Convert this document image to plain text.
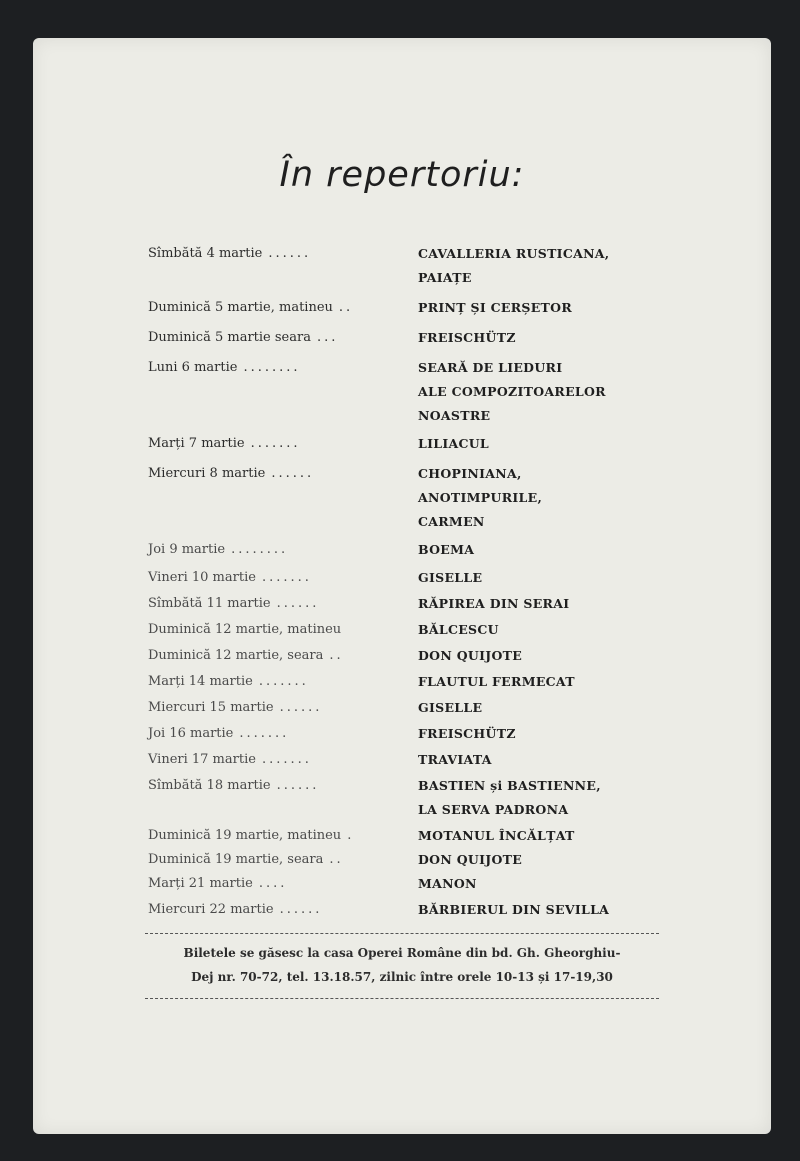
În repertoriu:
Sîmbătă 4 martie ......	CAVALLERIA RUSTICANA,
PAIAȚE
Duminică 5 martie, matineu ..	PRINȚ ȘI CERȘETOR
Duminică 5 martie seara ...	FREISCHÜTZ
Luni 6 martie ........	SEARĂ DE LIEDURI
ALE COMPOZITOARELOR
NOASTRE
Marți 7 martie .......	LILIACUL
Miercuri 8 martie ......	CHOPINIANA,
ANOTIMPURILE,
CARMEN
Joi 9 martie ........	BOEMA
Vineri 10 martie .......	GISELLE
Sîmbătă 11 martie ......	RĂPIREA DIN SERAI
Duminică 12 martie, matineu	BĂLCESCU
Duminică 12 martie, seara ..	DON QUIJOTE
Marți 14 martie .......	FLAUTUL FERMECAT
Miercuri 15 martie ......	GISELLE
Joi 16 martie .......	FREISCHÜTZ
Vineri 17 martie .......	TRAVIATA
Sîmbătă 18 martie ......	BASTIEN și BASTIENNE,
LA SERVA PADRONA
Duminică 19 martie, matineu .	MOTANUL ÎNCĂLȚAT
Duminică 19 martie, seara ..	DON QUIJOTE
Marți 21 martie ....	MANON
Miercuri 22 martie ......	BĂRBIERUL DIN SEVILLA
Biletele se găsesc la casa Operei Române din bd. Gh. Gheorghiu-
Dej nr. 70-72, tel. 13.18.57, zilnic între orele 10-13 și 17-19,30
